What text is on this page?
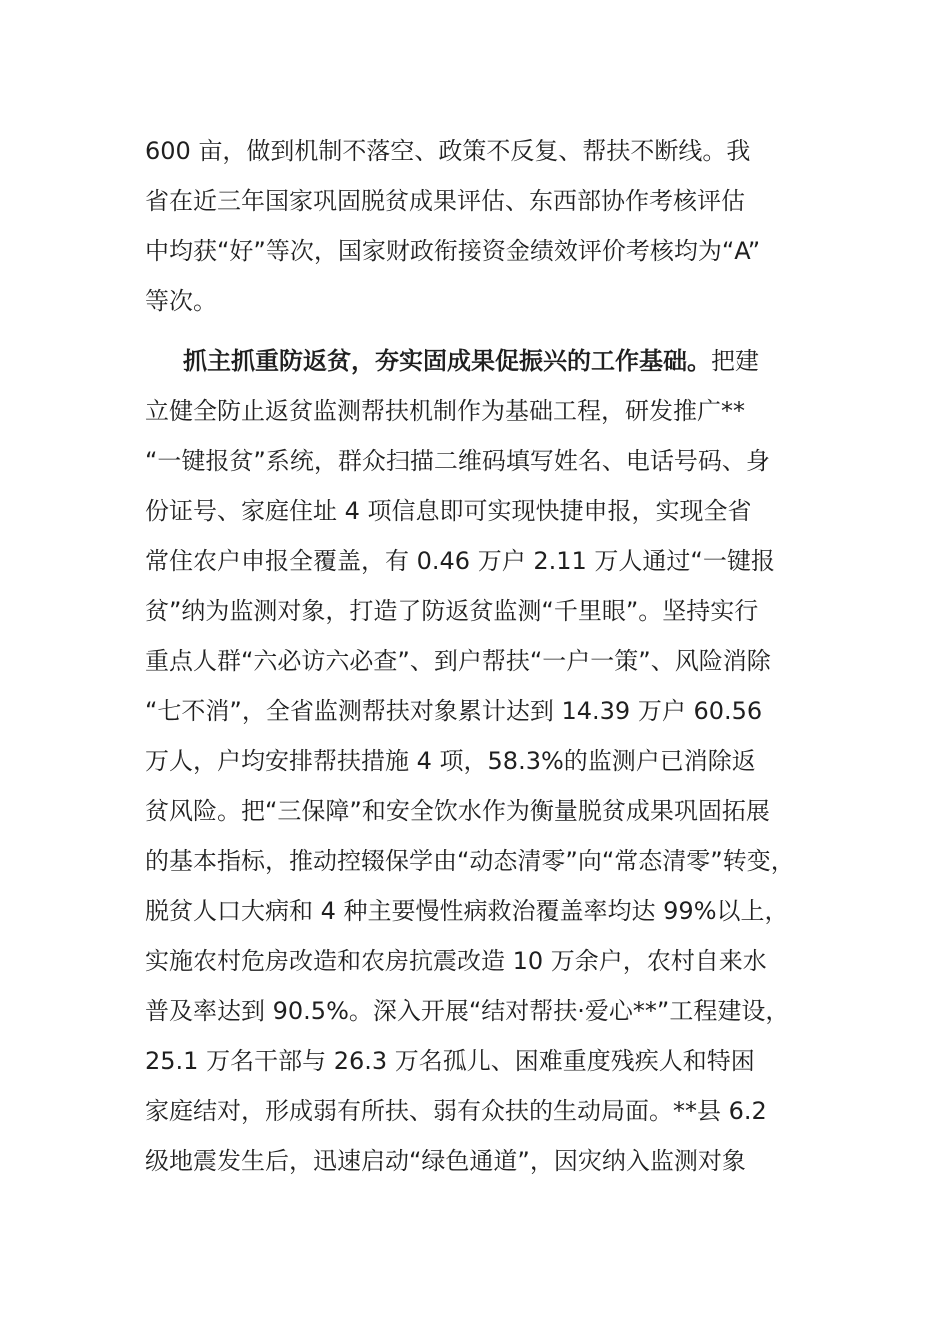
600 亩，做到机制不落空、政策不反复、帮扶不断线。我
省在近三年国家巩固脱贫成果评估、东西部协作考核评估
中均获“好”等次，国家财政衔接资金绩效评价考核均为“A”
等次。
抓主抓重防返贫，夯实固成果促振兴的工作基础。把建
立健全防止返贫监测帮扶机制作为基础工程，研发推广**
“一键报贫”系统，群众扫描二维码填写姓名、电话号码、身
份证号、家庭住址 4 项信息即可实现快捷申报，实现全省
常住农户申报全覆盖，有 0.46 万户 2.11 万人通过“一键报
贫”纳为监测对象，打造了防返贫监测“千里眼”。坚持实行
重点人群“六必访六必查”、到户帮扶“一户一策”、风险消除
“七不消”，全省监测帮扶对象累计达到 14.39 万户 60.56
万人，户均安排帮扶措施 4 项，58.3%的监测户已消除返
贫风险。把“三保障”和安全饮水作为衡量脱贫成果巩固拓展
的基本指标，推动控辍保学由“动态清零”向“常态清零”转变，
脱贫人口大病和 4 种主要慢性病救治覆盖率均达 99%以上，
实施农村危房改造和农房抗震改造 10 万余户，农村自来水
普及率达到 90.5%。深入开展“结对帮扶·爱心**”工程建设，
25.1 万名干部与 26.3 万名孤儿、困难重度残疾人和特困
家庭结对，形成弱有所扶、弱有众扶的生动局面。**县 6.2
级地震发生后，迅速启动“绿色通道”，因灾纳入监测对象
